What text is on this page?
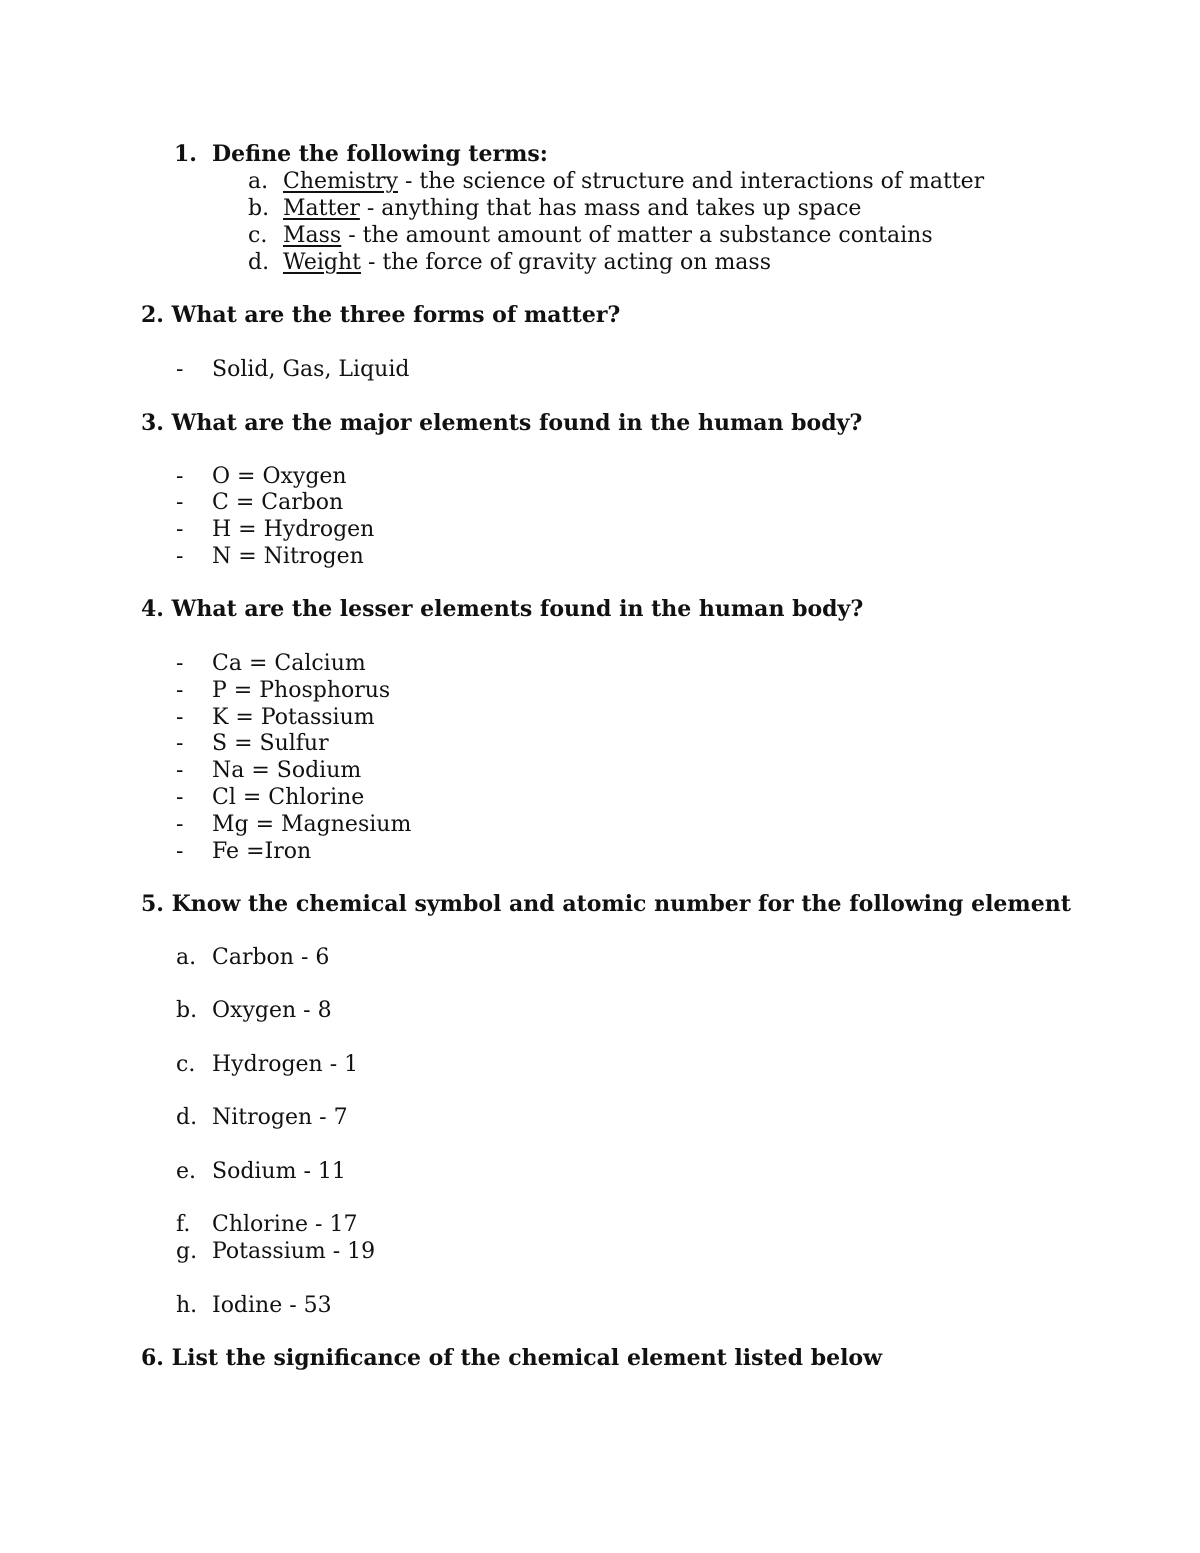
1. Define the following terms:
a. Chemistry - the science of structure and interactions of matter
b. Matter - anything that has mass and takes up space
c. Mass - the amount amount of matter a substance contains
d. Weight - the force of gravity acting on mass
2. What are the three forms of matter?
- Solid, Gas, Liquid
3. What are the major elements found in the human body?
- O = Oxygen
- C = Carbon
- H = Hydrogen
- N = Nitrogen
4. What are the lesser elements found in the human body?
- Ca = Calcium
- P = Phosphorus
- K = Potassium
- S = Sulfur
- Na = Sodium
- Cl = Chlorine
- Mg = Magnesium
- Fe =Iron
5. Know the chemical symbol and atomic number for the following element
a. Carbon - 6
b. Oxygen - 8
c. Hydrogen - 1
d. Nitrogen - 7
e. Sodium - 11
f. Chlorine - 17
g. Potassium - 19
h. Iodine - 53
6. List the significance of the chemical element listed below
